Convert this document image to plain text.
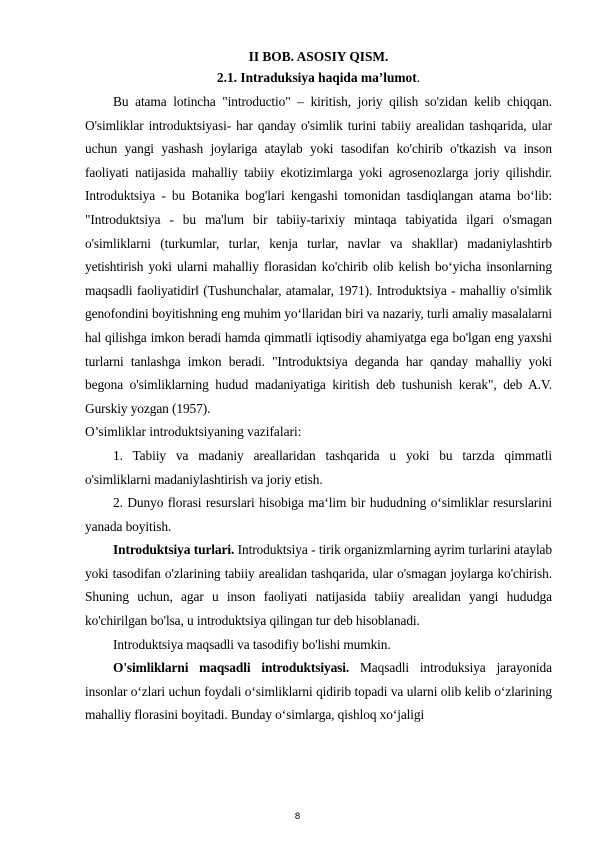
II BOB. ASOSIY QISM.

2.1. Intraduksiya haqida ma’lumot.

Bu atama lotincha "introductio" – kiritish, joriy qilish so'zidan kelib chiqqan. O'simliklar introduktsiyasi- har qanday o'simlik turini tabiiy arealidan tashqarida, ular uchun yangi yashash joylariga ataylab yoki tasodifan ko'chirib o'tkazish va inson faoliyati natijasida mahalliy tabiiy ekotizimlarga yoki agrosenozlarga joriy qilishdir. Introduktsiya - bu Botanika bog'lari kengashi tomonidan tasdiqlangan atama bo‘lib: "Introduktsiya - bu ma'lum bir tabiiy-tarixiy mintaqa tabiyatida ilgari o'smagan o'simliklarni (turkumlar, turlar, kenja turlar, navlar va shakllar) madaniylashtirb yetishtirish yoki ularni mahalliy florasidan ko'chirib olib kelish bo‘yicha insonlarning maqsadli faoliyatidir‖ (Tushunchalar, atamalar, 1971). Introduktsiya - mahalliy o'simlik genofondini boyitishning eng muhim yo‘llaridan biri va nazariy, turli amaliy masalalarni hal qilishga imkon beradi hamda qimmatli iqtisodiy ahamiyatga ega bo'lgan eng yaxshi turlarni tanlashga imkon beradi. "Introduktsiya deganda har qanday mahalliy yoki begona o'simliklarning hudud madaniyatiga kiritish deb tushunish kerak", deb A.V. Gurskiy yozgan (1957).

O’simliklar introduktsiyaning vazifalari:

1. Tabiiy va madaniy areallaridan tashqarida u yoki bu tarzda qimmatli o'simliklarni madaniylashtirish va joriy etish.

2. Dunyo florasi resurslari hisobiga ma‘lim bir hududning o‘simliklar resurslarini yanada boyitish.

Introduktsiya turlari. Introduktsiya - tirik organizmlarning ayrim turlarini ataylab yoki tasodifan o'zlarining tabiiy arealidan tashqarida, ular o'smagan joylarga ko'chirish. Shuning uchun, agar u inson faoliyati natijasida tabiiy arealidan yangi hududga ko'chirilgan bo'lsa, u introduktsiya qilingan tur deb hisoblanadi.

Introduktsiya maqsadli va tasodifiy bo'lishi mumkin.

O'simliklarni maqsadli introduktsiyasi. Maqsadli introduksiya jarayonida insonlar o‘zlari uchun foydali o‘simliklarni qidirib topadi va ularni olib kelib o‘zlarining mahalliy florasini boyitadi. Bunday o‘simlarga, qishloq xo‘jaligi

8
